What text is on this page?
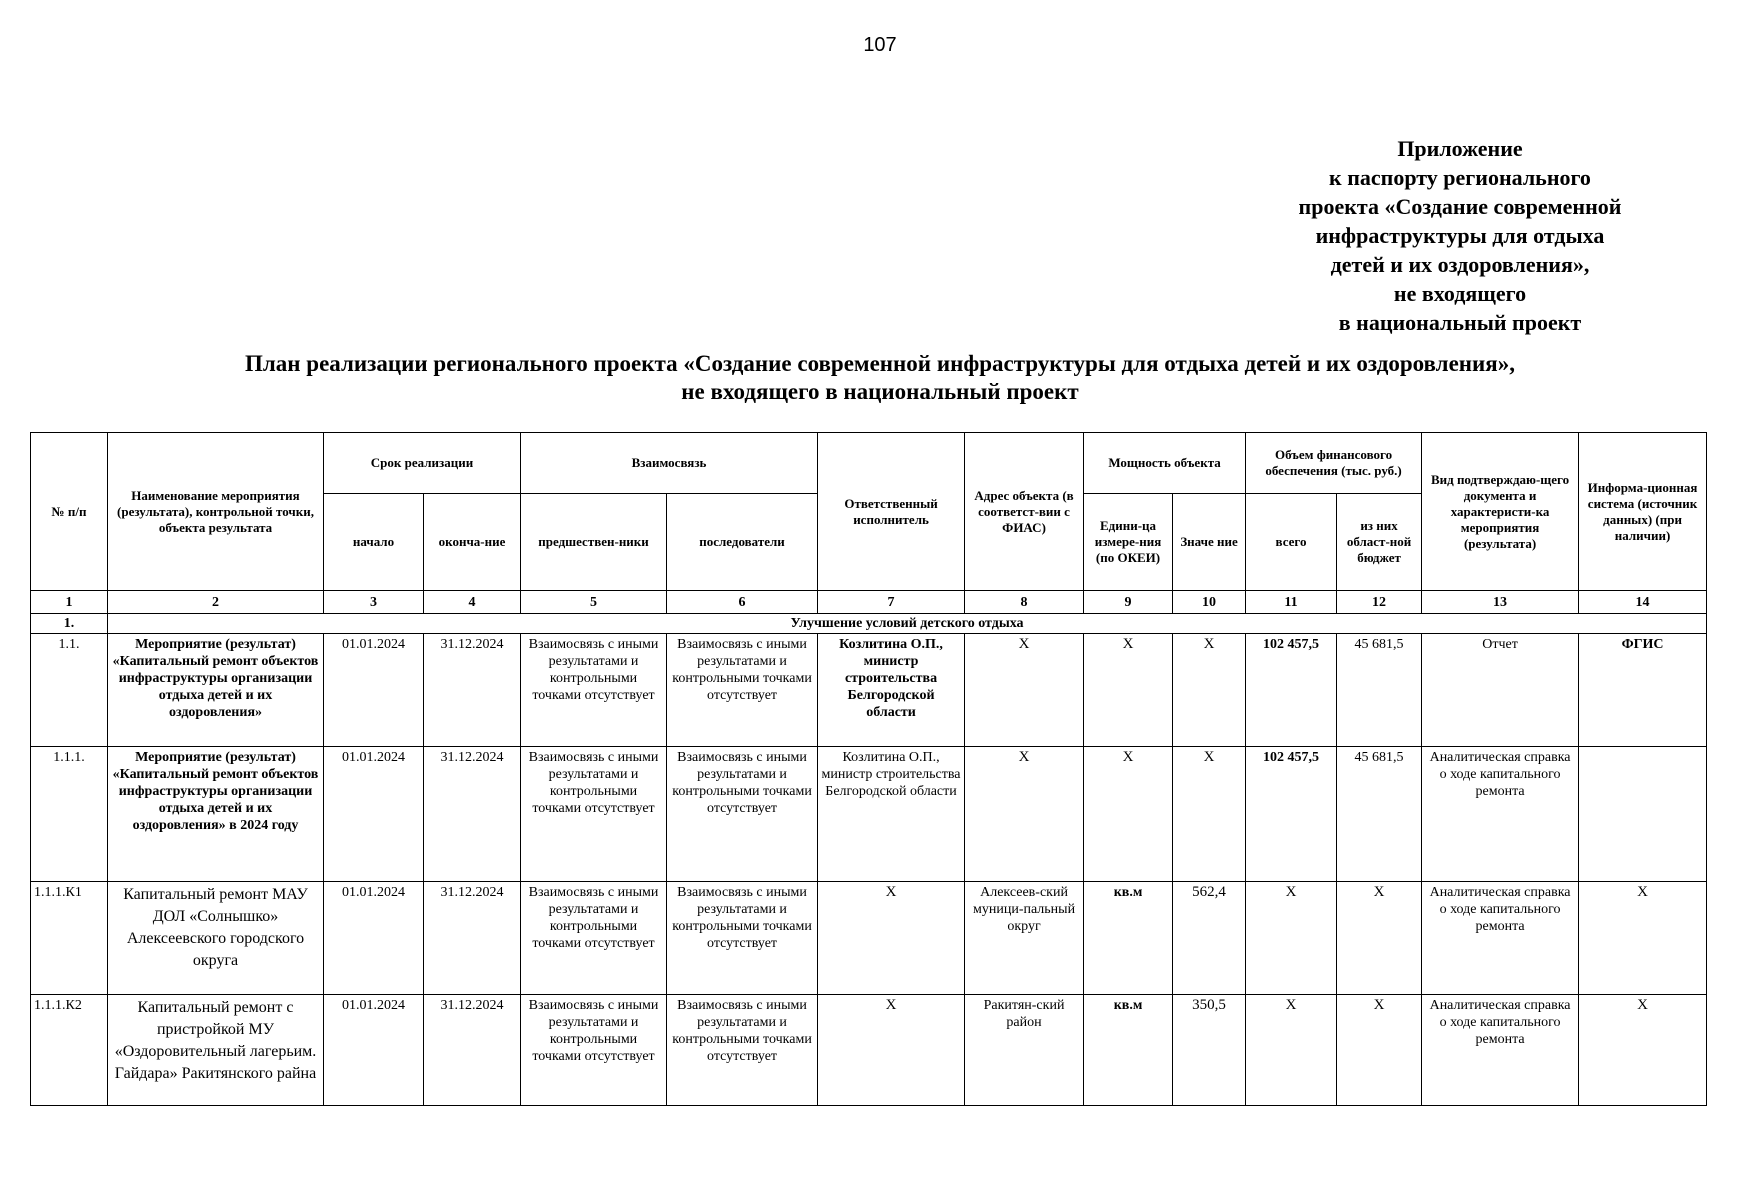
107
Приложение
к паспорту регионального
проекта «Создание современной
инфраструктуры для отдыха
детей и их оздоровления»,
не входящего
в национальный проект
План реализации регионального проекта «Создание современной инфраструктуры для отдыха детей и их оздоровления»,
не входящего в национальный проект
№ п/п	Наименование мероприятия (результата), контрольной точки, объекта результата	Срок реализации		Взаимосвязь		Ответственный исполнитель	Адрес объекта (в соответст-вии с ФИАС)	Мощность объекта		Объем финансового обеспечения (тыс. руб.)		Вид подтверждаю-щего документа и характеристи-ка мероприятия (результата)	Информа-ционная система (источник данных) (при наличии)
		начало	оконча-ние	предшествен-ники	последователи			Едини-ца измере-ния (по ОКЕИ)	Значе ние	всего	из них област-ной бюджет		
1	2	3	4	5	6	7	8	9	10	11	12	13	14
1.	Улучшение условий детского отдыха												
1.1.	Мероприятие (результат) «Капитальный ремонт объектов инфраструктуры организации отдыха детей и их оздоровления»	01.01.2024	31.12.2024	Взаимосвязь с иными результатами и контрольными точками отсутствует	Взаимосвязь с иными результатами и контрольными точками отсутствует	Козлитина О.П., министр строительства Белгородской области	Х	Х	Х	102 457,5	45 681,5	Отчет	ФГИС
1.1.1.	Мероприятие (результат) «Капитальный ремонт объектов инфраструктуры организации отдыха детей и их оздоровления» в 2024 году	01.01.2024	31.12.2024	Взаимосвязь с иными результатами и контрольными точками отсутствует	Взаимосвязь с иными результатами и контрольными точками отсутствует	Козлитина О.П., министр строительства Белгородской области	Х	Х	Х	102 457,5	45 681,5	Аналитическая справка о ходе капитального ремонта	
1.1.1.К1	Капитальный ремонт МАУ ДОЛ «Солнышко» Алексеевского городского округа	01.01.2024	31.12.2024	Взаимосвязь с иными результатами и контрольными точками отсутствует	Взаимосвязь с иными результатами и контрольными точками отсутствует	Х	Алексеев-ский муници-пальный округ	кв.м	562,4	Х	Х	Аналитическая справка о ходе капитального ремонта	Х
1.1.1.К2	Капитальный ремонт с пристройкой МУ «Оздоровительный лагерьим. Гайдара» Ракитянского райна	01.01.2024	31.12.2024	Взаимосвязь с иными результатами и контрольными точками отсутствует	Взаимосвязь с иными результатами и контрольными точками отсутствует	Х	Ракитян-ский район	кв.м	350,5	Х	Х	Аналитическая справка о ходе капитального ремонта	Х
